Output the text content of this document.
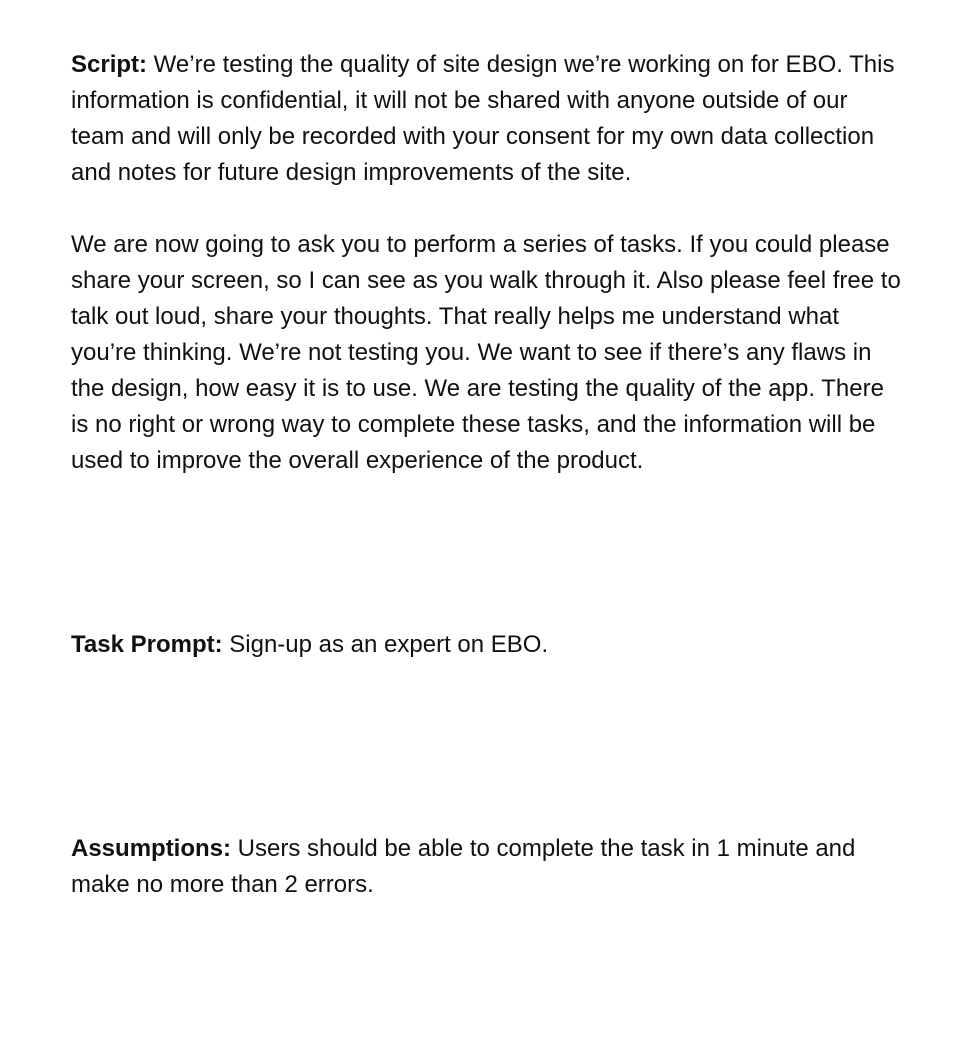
Script: We’re testing the quality of site design we’re working on for EBO. This information is confidential, it will not be shared with anyone outside of our team and will only be recorded with your consent for my own data collection and notes for future design improvements of the site.

We are now going to ask you to perform a series of tasks. If you could please share your screen, so I can see as you walk through it. Also please feel free to talk out loud, share your thoughts. That really helps me understand what you’re thinking. We’re not testing you. We want to see if there’s any flaws in the design, how easy it is to use. We are testing the quality of the app. There is no right or wrong way to complete these tasks, and the information will be used to improve the overall experience of the product.

Task Prompt: Sign-up as an expert on EBO.

Assumptions: Users should be able to complete the task in 1 minute and make no more than 2 errors.
